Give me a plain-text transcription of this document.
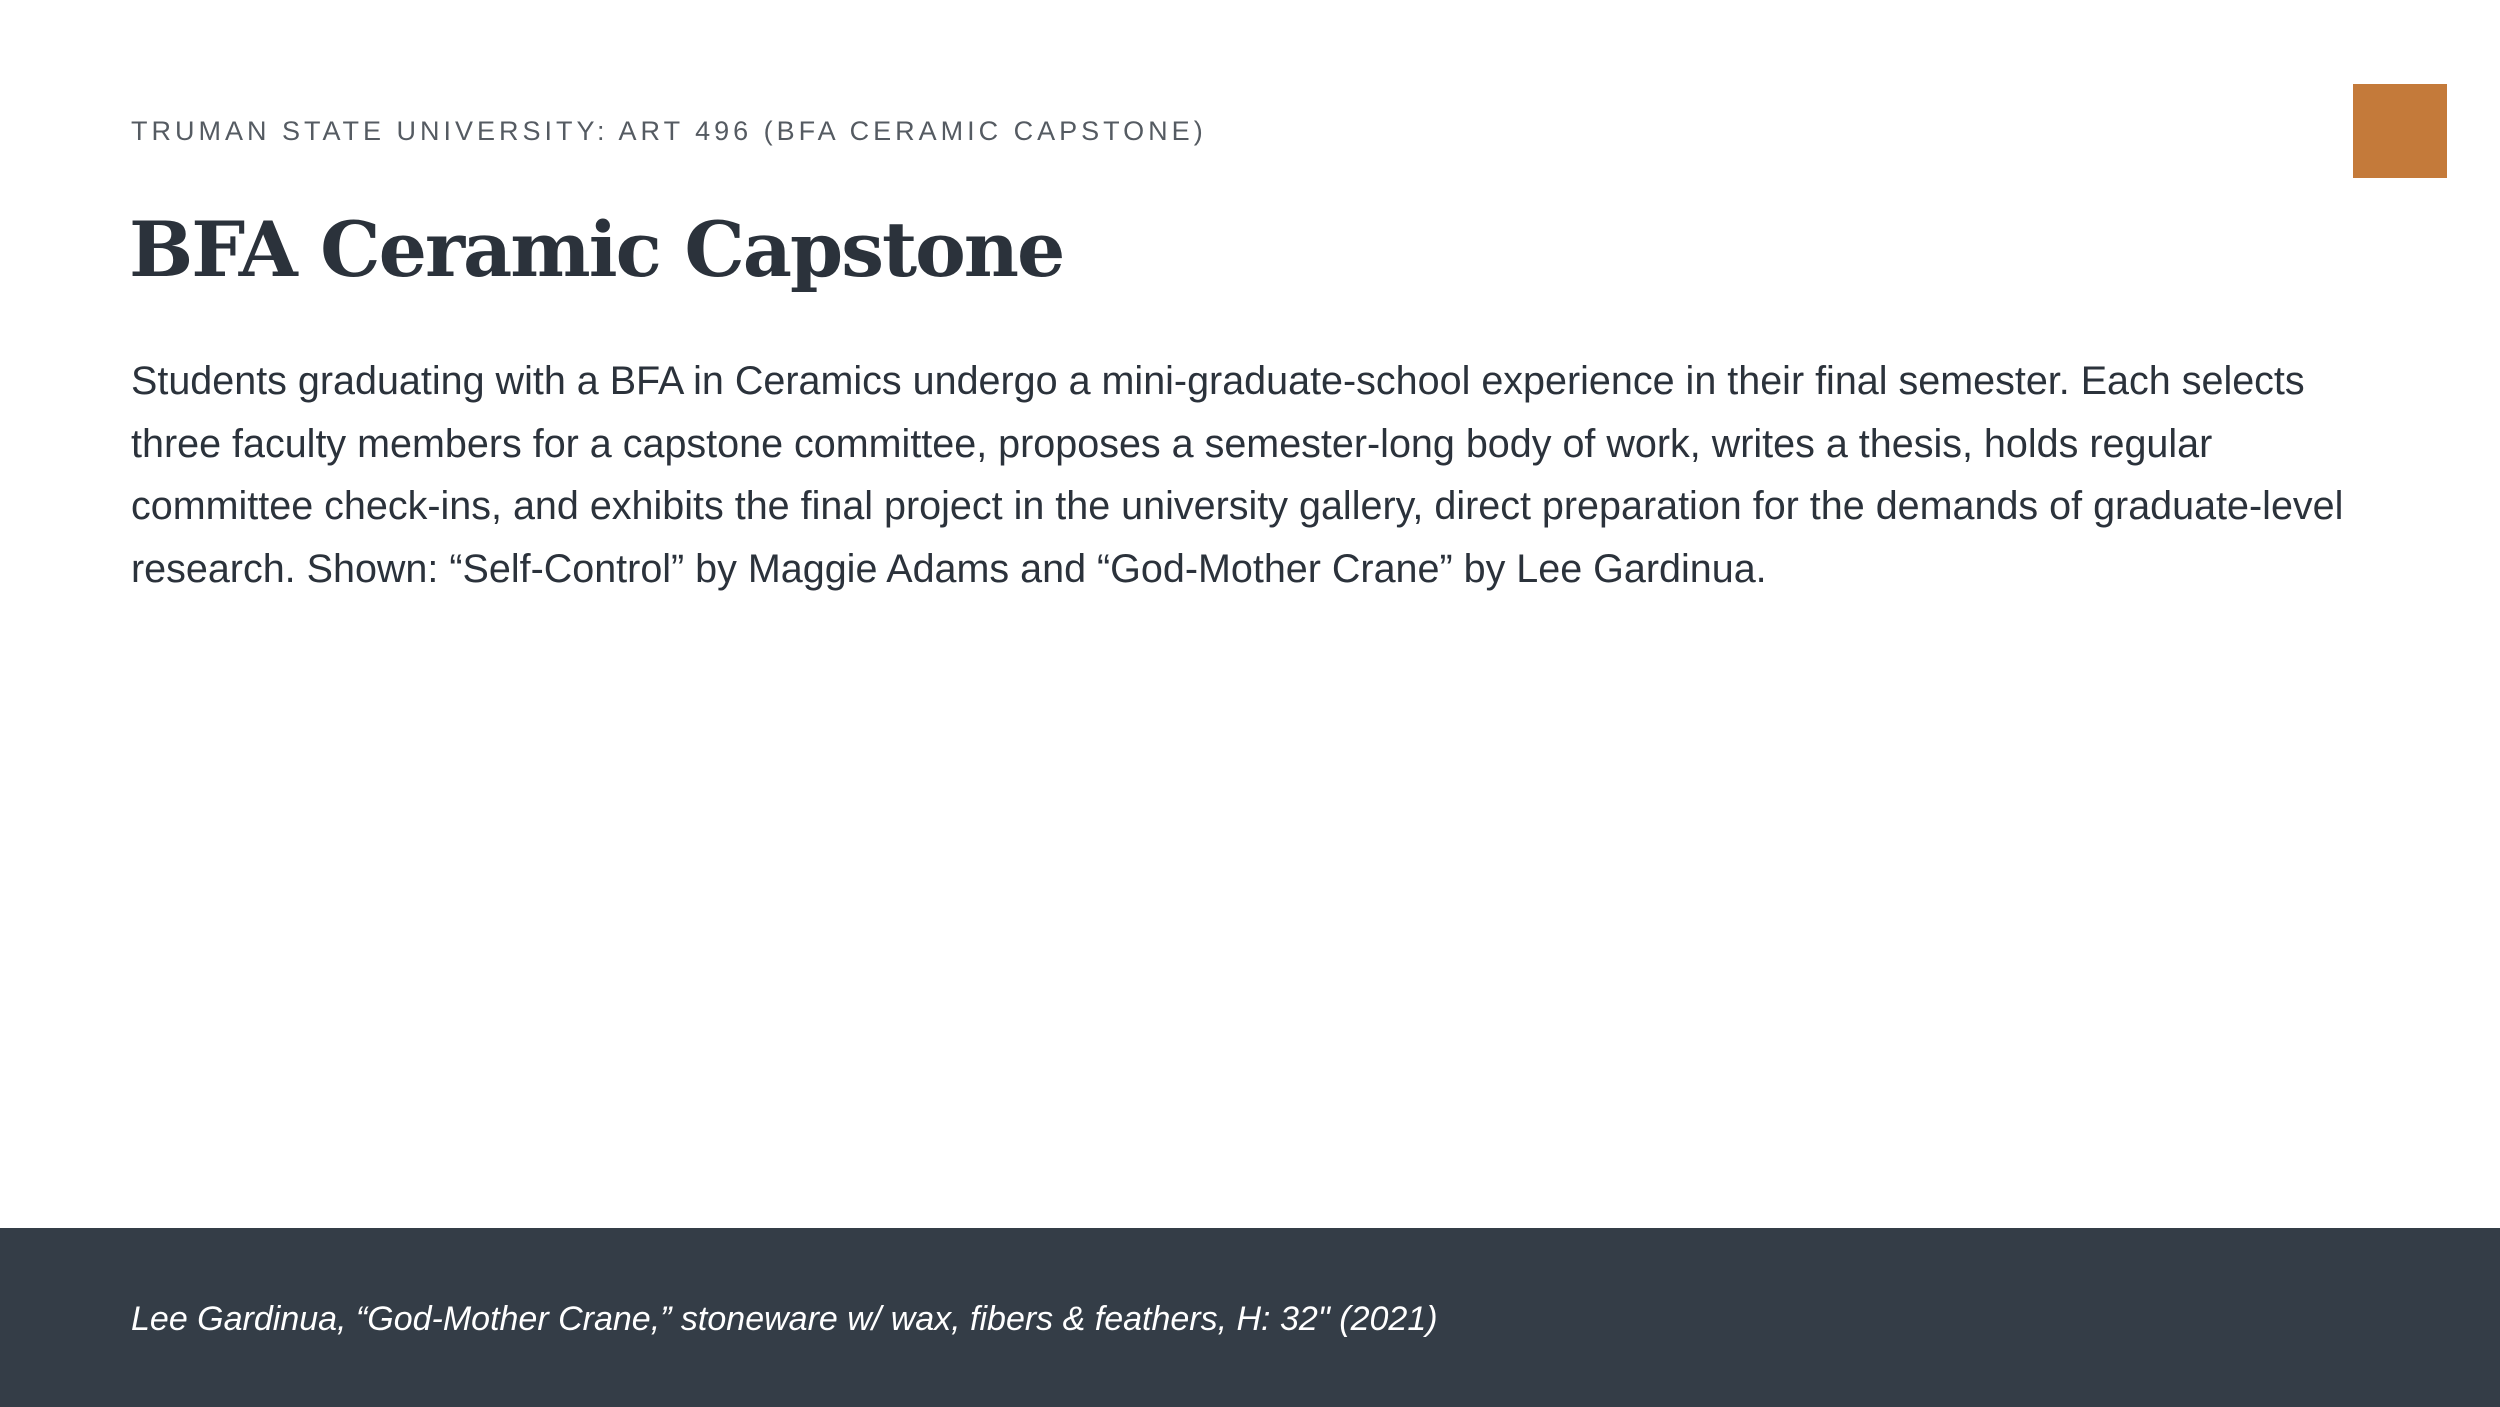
TRUMAN STATE UNIVERSITY: ART 496 (BFA CERAMIC CAPSTONE)
BFA Ceramic Capstone

Students graduating with a BFA in Ceramics undergo a mini-graduate-school experience in their final semester. Each selects three faculty members for a capstone committee, proposes a semester-long body of work, writes a thesis, holds regular committee check-ins, and exhibits the final project in the university gallery, direct preparation for the demands of graduate-level research. Shown: “Self-Control” by Maggie Adams and “God-Mother Crane” by Lee Gardinua.

Lee Gardinua, “God-Mother Crane,” stoneware w/ wax, fibers & feathers, H: 32" (2021)
